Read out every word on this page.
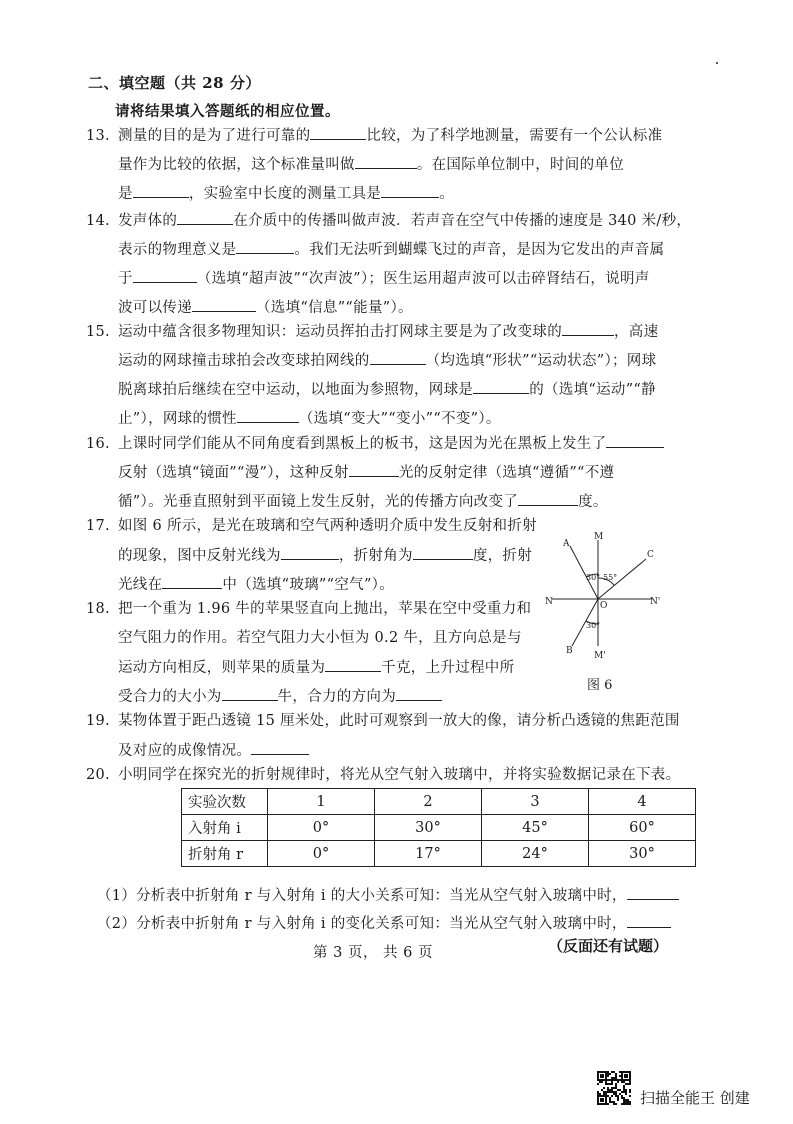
二、填空题（共 28 分）
请将结果填入答题纸的相应位置。
13. 测量的目的是为了进行可靠的	比较，为了科学地测量，需要有一个公认标准
量作为比较的依据，这个标准量叫做	。在国际单位制中，时间的单位
是	，实验室中长度的测量工具是	。
14. 发声体的	在介质中的传播叫做声波．若声音在空气中传播的速度是 340 米/秒，
表示的物理意义是	。我们无法听到蝴蝶飞过的声音，是因为它发出的声音属
于	（选填“超声波”“次声波”）；医生运用超声波可以击碎肾结石，说明声
波可以传递	（选填“信息”“能量”）。
15. 运动中蕴含很多物理知识：运动员挥拍击打网球主要是为了改变球的	，高速
运动的网球撞击球拍会改变球拍网线的	（均选填“形状”“运动状态”）；网球
脱离球拍后继续在空中运动，以地面为参照物，网球是	的（选填“运动”“静
止”），网球的惯性	（选填“变大”“变小”“不变”）。
16. 上课时同学们能从不同角度看到黑板上的板书，这是因为光在黑板上发生了
反射（选填“镜面”“漫”），这种反射	光的反射定律（选填“遵循”“不遵
循”）。光垂直照射到平面镜上发生反射，光的传播方向改变了	度。
17. 如图 6 所示，是光在玻璃和空气两种透明介质中发生反射和折射
的现象，图中反射光线为	，折射角为	度，折射
光线在	中（选填“玻璃”“空气”）。
18. 把一个重为 1.96 牛的苹果竖直向上抛出，苹果在空中受重力和
空气阻力的作用。若空气阻力大小恒为 0.2 牛，且方向总是与
运动方向相反，则苹果的质量为	千克，上升过程中所
受合力的大小为	牛，合力的方向为
19. 某物体置于距凸透镜 15 厘米处，此时可观察到一放大的像，请分析凸透镜的焦距范围
及对应的成像情况。
20. 小明同学在探究光的折射规律时，将光从空气射入玻璃中，并将实验数据记录在下表。
A
M
C
N	O	N'
B M'
30° 55°
30°
图 6
实验次数	1	2	3	4
入射角 i	0°	30°	45°	60°
折射角 r	0°	17°	24°	30°
（1）分析表中折射角 r 与入射角 i 的大小关系可知：当光从空气射入玻璃中时，
（2）分析表中折射角 r 与入射角 i 的变化关系可知：当光从空气射入玻璃中时，
第 3 页， 共 6 页	（反面还有试题）
扫描全能王 创建
